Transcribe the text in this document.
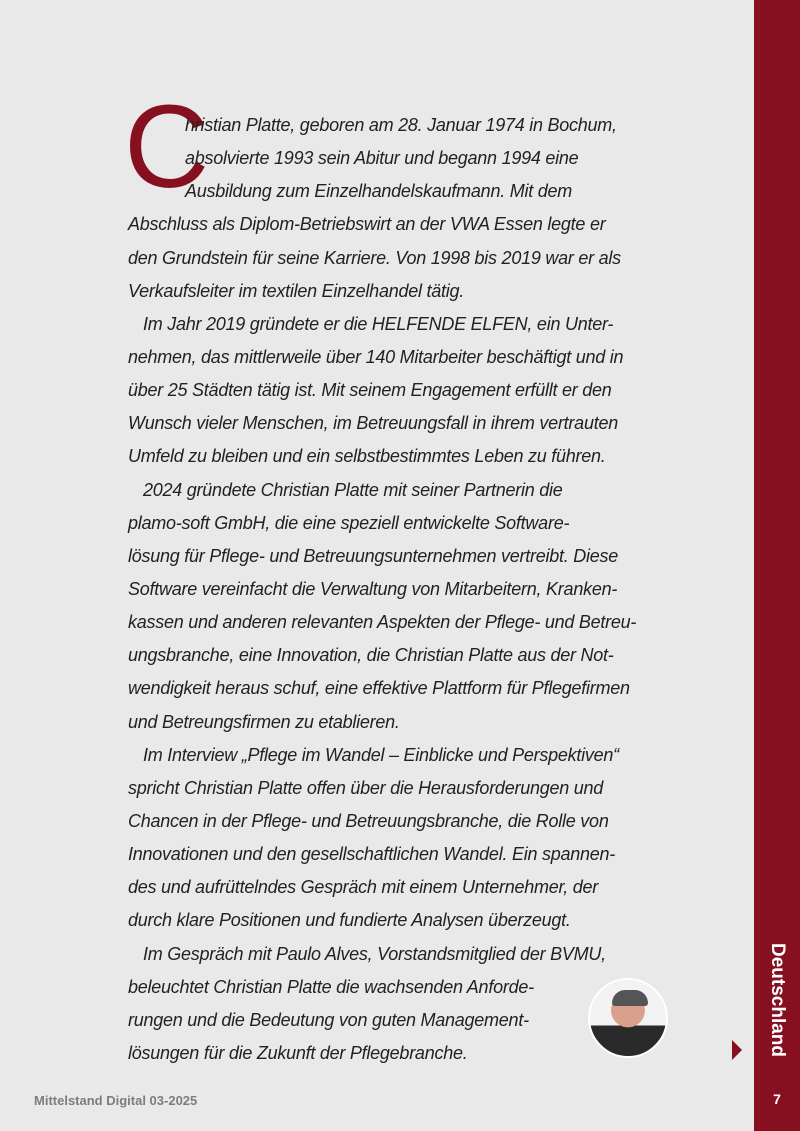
Deutschland
7
Mittelstand Digital 03-2025
C
hristian Platte, geboren am 28. Januar 1974 in Bochum,
absolvierte 1993 sein Abitur und begann 1994 eine
Ausbildung zum Einzelhandelskaufmann. Mit dem
Abschluss als Diplom-Betriebswirt an der VWA Essen legte er
den Grundstein für seine Karriere. Von 1998 bis 2019 war er als
Verkaufsleiter im textilen Einzelhandel tätig.
Im Jahr 2019 gründete er die HELFENDE ELFEN, ein Unter-
nehmen, das mittlerweile über 140 Mitarbeiter beschäftigt und in
über 25 Städten tätig ist. Mit seinem Engagement erfüllt er den
Wunsch vieler Menschen, im Betreuungsfall in ihrem vertrauten
Umfeld zu bleiben und ein selbstbestimmtes Leben zu führen.
2024 gründete Christian Platte mit seiner Partnerin die
plamo-soft GmbH, die eine speziell entwickelte Software-
lösung für Pflege- und Betreuungsunternehmen vertreibt. Diese
Software vereinfacht die Verwaltung von Mitarbeitern, Kranken-
kassen und anderen relevanten Aspekten der Pflege- und Betreu-
ungsbranche, eine Innovation, die Christian Platte aus der Not-
wendigkeit heraus schuf, eine effektive Plattform für Pflegefirmen
und Betreungsfirmen zu etablieren.
Im Interview „Pflege im Wandel – Einblicke und Perspektiven“
spricht Christian Platte offen über die Herausforderungen und
Chancen in der Pflege- und Betreuungsbranche, die Rolle von
Innovationen und den gesellschaftlichen Wandel. Ein spannen-
des und aufrüttelndes Gespräch mit einem Unternehmer, der
durch klare Positionen und fundierte Analysen überzeugt.
Im Gespräch mit Paulo Alves, Vorstandsmitglied der BVMU,
beleuchtet Christian Platte die wachsenden Anforde-
rungen und die Bedeutung von guten Management-
lösungen für die Zukunft der Pflegebranche.
